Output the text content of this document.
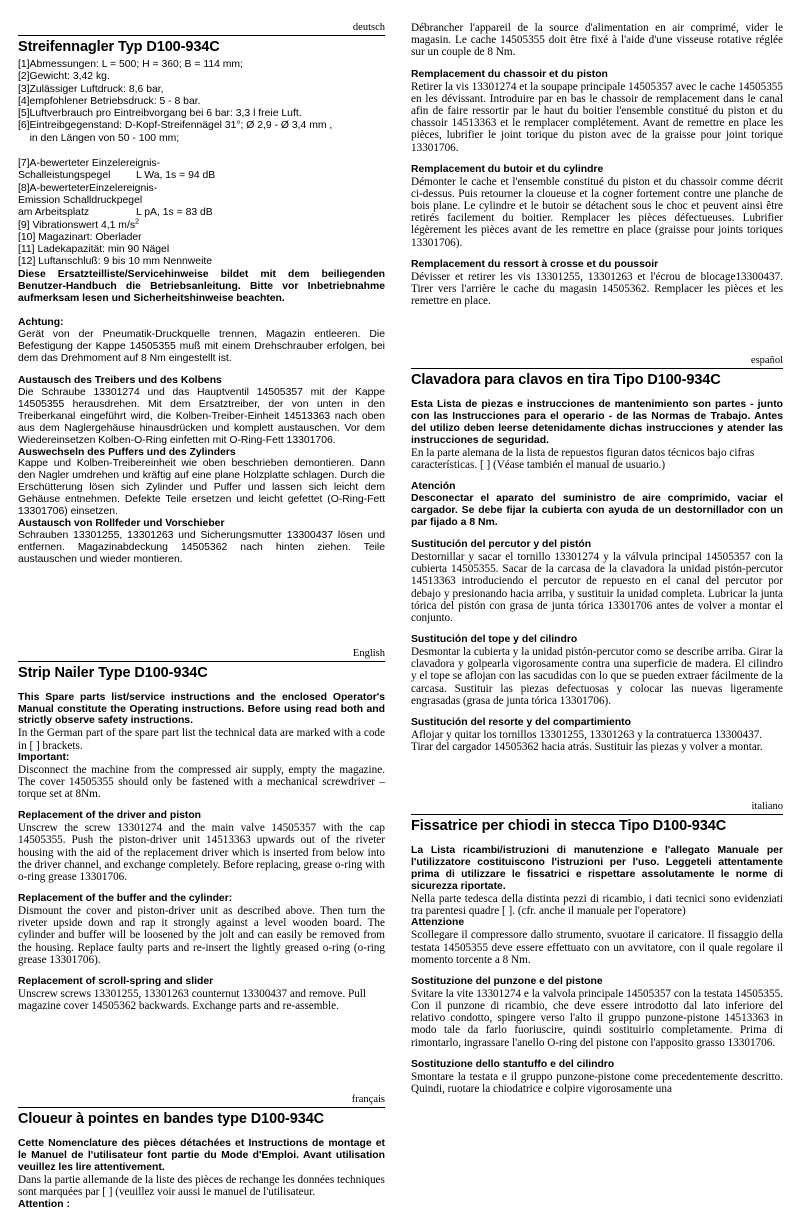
deutsch
Streifennagler Typ D100-934C

[1]Abmessungen: L = 500; H = 360; B = 114 mm;

[2]Gewicht: 3,42 kg.

[3]Zulässiger Luftdruck: 8,6 bar,

[4]empfohlener Betriebsdruck: 5 - 8 bar.

[5]Luftverbrauch pro Eintreibvorgang bei 6 bar: 3,3 l freie Luft.

[6]Eintreibgegenstand: D-Kopf-Streifennägel 31°; Ø 2,9 - Ø 3,4 mm ,

in den Längen von 50 - 100 mm;

[7]A-bewerteter Einzelereignis-

Schalleistungspegel L Wa, 1s = 94 dB

[8]A-bewerteterEinzelereignis-

Emission Schalldruckpegel

am Arbeitsplatz	L pA, 1s = 83 dB

[9] Vibrationswert 4,1 $m/s^2$

[10] Magazinart: Oberlader

[11] Ladekapazität: min 90 Nägel

[12] Luftanschluß: 9 bis 10 mm Nennweite

Diese Ersatzteilliste/Servicehinweise bildet mit dem beiliegenden Benutzer-Handbuch die Betriebsanleitung. Bitte vor Inbetriebnahme aufmerksam lesen und Sicherheitshinweise beachten.

Achtung:

Gerät von der Pneumatik-Druckquelle trennen, Magazin entleeren. Die Befestigung der Kappe 14505355 muß mit einem Drehschrauber erfolgen, bei dem das Drehmoment auf 8 Nm eingestellt ist.

Austausch des Treibers und des Kolbens

Die Schraube 13301274 und das Hauptventil 14505357 mit der Kappe 14505355 herausdrehen. Mit dem Ersatztreiber, der von unten in den Treiberkanal eingeführt wird, die Kolben-Treiber-Einheit 14513363 nach oben aus dem Naglergehäuse hinausdrücken und komplett austauschen. Vor dem Wiedereinsetzen Kolben-O-Ring einfetten mit O-Ring-Fett 13301706.

Auswechseln des Puffers und des Zylinders

Kappe und Kolben-Treibereinheit wie oben beschrieben demontieren. Dann den Nagler umdrehen und kräftig auf eine plane Holzplatte schlagen. Durch die Erschütterung lösen sich Zylinder und Puffer und lassen sich leicht dem Gehäuse entnehmen. Defekte Teile ersetzen und leicht gefettet (O-Ring-Fett 13301706) einsetzen.

Austausch von Rollfeder und Vorschieber

Schrauben 13301255, 13301263 und Sicherungsmutter 13300437 lösen und entfernen. Magazinabdeckung 14505362 nach hinten ziehen. Teile austauschen und wieder montieren.

English
Strip Nailer Type D100-934C

This Spare parts list/service instructions and the enclosed Operator's Manual constitute the Operating instructions. Before using read both and strictly observe safety instructions.

In the German part of the spare part list the technical data are marked with a code in [ ] brackets.

Important:

Disconnect the machine from the compressed air supply, empty the magazine. The cover 14505355 should only be fastened with a mechanical screwdriver – torque set at 8Nm.

Replacement of the driver and piston

Unscrew the screw 13301274 and the main valve 14505357 with the cap 14505355. Push the piston-driver unit 14513363 upwards out of the riveter housing with the aid of the replacement driver which is inserted from below into the driver channel, and exchange completely. Before replacing, grease o-ring with o-ring grease 13301706.

Replacement of the buffer and the cylinder:

Dismount the cover and piston-driver unit as described above. Then turn the riveter upside down and rap it strongly against a level wooden board. The cylinder and buffer will be loosened by the jolt and can easily be removed from the housing. Replace faulty parts and re-insert the lightly greased o-ring (o-ring grease 13301706).

Replacement of scroll-spring and slider

Unscrew screws 13301255, 13301263 counternut 13300437 and remove. Pull magazine cover 14505362 backwards. Exchange parts and re-assemble.

français
Cloueur à pointes en bandes type D100-934C

Cette Nomenclature des pièces détachées et Instructions de montage et le Manuel de l'utilisateur font partie du Mode d'Emploi. Avant utilisation veuillez les lire attentivement.

Dans la partie allemande de la liste des pièces de rechange les données techniques sont marquées par [ ] (veuillez voir aussi le manuel de l'utilisateur.

Attention :

Débrancher l'appareil de la source d'alimentation en air comprimé, vider le magasin. Le cache 14505355 doit être fixé à l'aide d'une visseuse rotative réglée sur un couple de 8 Nm.

Remplacement du chassoir et du piston

Retirer la vis 13301274 et la soupape principale 14505357 avec le cache 14505355 en les dévissant. Introduire par en bas le chassoir de remplacement dans le canal afin de faire ressortir par le haut du boitier l'ensemble constitué du piston et du chassoir 14513363 et le remplacer complétement. Avant de remettre en place les pièces, lubrifier le joint torique du piston avec de la graisse pour joint torique 13301706.

Remplacement du butoir et du cylindre

Démonter le cache et l'ensemble constitué du piston et du chassoir comme décrit ci-dessus. Puis retourner la cloueuse et la cogner fortement contre une planche de bois plane. Le cylindre et le butoir se détachent sous le choc et peuvent ainsi être retirés facilement du boitier. Remplacer les pièces défectueuses. Lubrifier légèrement les pièces avant de les remettre en place (graisse pour joints toriques 13301706).

Remplacement du ressort à crosse et du poussoir

Dévisser et retirer les vis 13301255, 13301263 et l'écrou de blocage13300437. Tirer vers l'arrière le cache du magasin 14505362. Remplacer les pièces et les remettre en place.

español
Clavadora para clavos en tira Tipo D100-934C

Esta Lista de piezas e instrucciones de mantenimiento son partes - junto con las Instrucciones para el operario - de las Normas de Trabajo. Antes del utilizo deben leerse detenidamente dichas instrucciones y atender las instrucciones de seguridad.

En la parte alemana de la lista de repuestos figuran datos técnicos bajo cifras características. [ ] (Véase también el manual de usuario.)

Atención

Desconectar el aparato del suministro de aire comprimido, vaciar el cargador. Se debe fijar la cubierta con ayuda de un destornillador con un par fijado a 8 Nm.

Sustitución del percutor y del pistón

Destornillar y sacar el tornillo 13301274 y la válvula principal 14505357 con la cubierta 14505355. Sacar de la carcasa de la clavadora la unidad pistón-percutor 14513363 introduciendo el percutor de repuesto en el canal del percutor por debajo y presionando hacia arriba, y sustituir la unidad completa. Lubricar la junta tórica del pistón con grasa de junta tórica 13301706 antes de volver a montar el conjunto.

Sustitución del tope y del cilindro

Desmontar la cubierta y la unidad pistón-percutor como se describe arriba. Girar la clavadora y golpearla vigorosamente contra una superficie de madera. El cilindro y el tope se aflojan con las sacudidas con lo que se pueden extraer fácilmente de la carcasa. Sustituir las piezas defectuosas y colocar las nuevas ligeramente engrasadas (grasa de junta tórica 13301706).

Sustitución del resorte y del compartimiento

Aflojar y quitar los tornillos 13301255, 13301263 y la contratuerca 13300437. Tirar del cargador 14505362 hacia atrás. Sustituir las piezas y volver a montar.

italiano
Fissatrice per chiodi in stecca Tipo D100-934C

La Lista ricambi/istruzioni di manutenzione e l'allegato Manuale per l'utilizzatore costituiscono l'istruzioni per l'uso. Leggeteli attentamente prima di utilizzare le fissatrici e rispettare assolutamente le norme di sicurezza riportate.

Nella parte tedesca della distinta pezzi di ricambio, i dati tecnici sono evidenziati tra parentesi quadre [ ]. (cfr. anche il manuale per l'operatore)

Attenzione

Scollegare il compressore dallo strumento, svuotare il caricatore. Il fissaggio della testata 14505355 deve essere effettuato con un avvitatore, con il quale regolare il momento torcente a 8 Nm.

Sostituzione del punzone e del pistone

Svitare la vite 13301274 e la valvola principale 14505357 con la testata 14505355. Con il punzone di ricambio, che deve essere introdotto dal lato inferiore del relativo condotto, spingere verso l'alto il gruppo punzone-pistone 14513363 in modo tale da farlo fuoriuscire, quindi sostituirlo completamente. Prima di rimontarlo, ingrassare l'anello O-ring del pistone con l'apposito grasso 13301706.

Sostituzione dello stantuffo e del cilindro

Smontare la testata e il gruppo punzone-pistone come precedentemente descritto. Quindi, ruotare la chiodatrice e colpire vigorosamente una
